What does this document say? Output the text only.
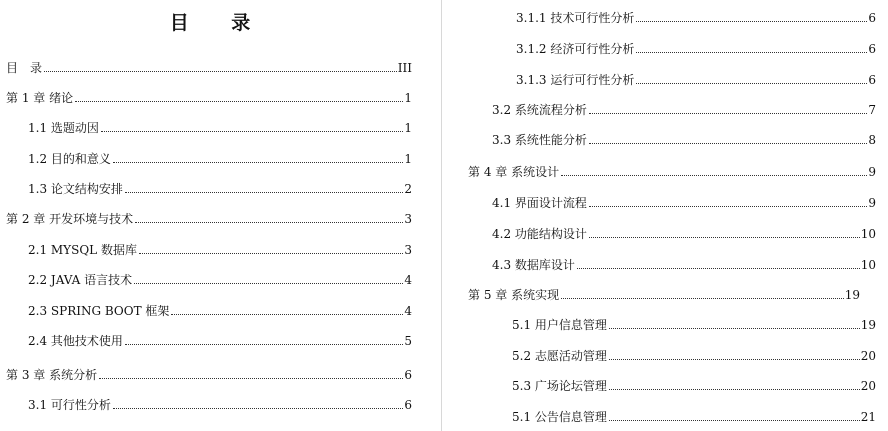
目 录
目　录	III
第 1 章 绪论	1
1.1 选题动因	1
1.2 目的和意义	1
1.3 论文结构安排	2
第 2 章 开发环境与技术	3
2.1 MYSQL 数据库	3
2.2 JAVA 语言技术	4
2.3 SPRING BOOT 框架	4
2.4 其他技术使用	5
第 3 章 系统分析	6
3.1 可行性分析	6
3.1.1 技术可行性分析	6
3.1.2 经济可行性分析	6
3.1.3 运行可行性分析	6
3.2 系统流程分析	7
3.3 系统性能分析	8
第 4 章 系统设计	9
4.1 界面设计流程	9
4.2 功能结构设计	10
4.3 数据库设计	10
第 5 章 系统实现	19
5.1 用户信息管理	19
5.2 志愿活动管理	20
5.3 广场论坛管理	20
5.1 公告信息管理	21
